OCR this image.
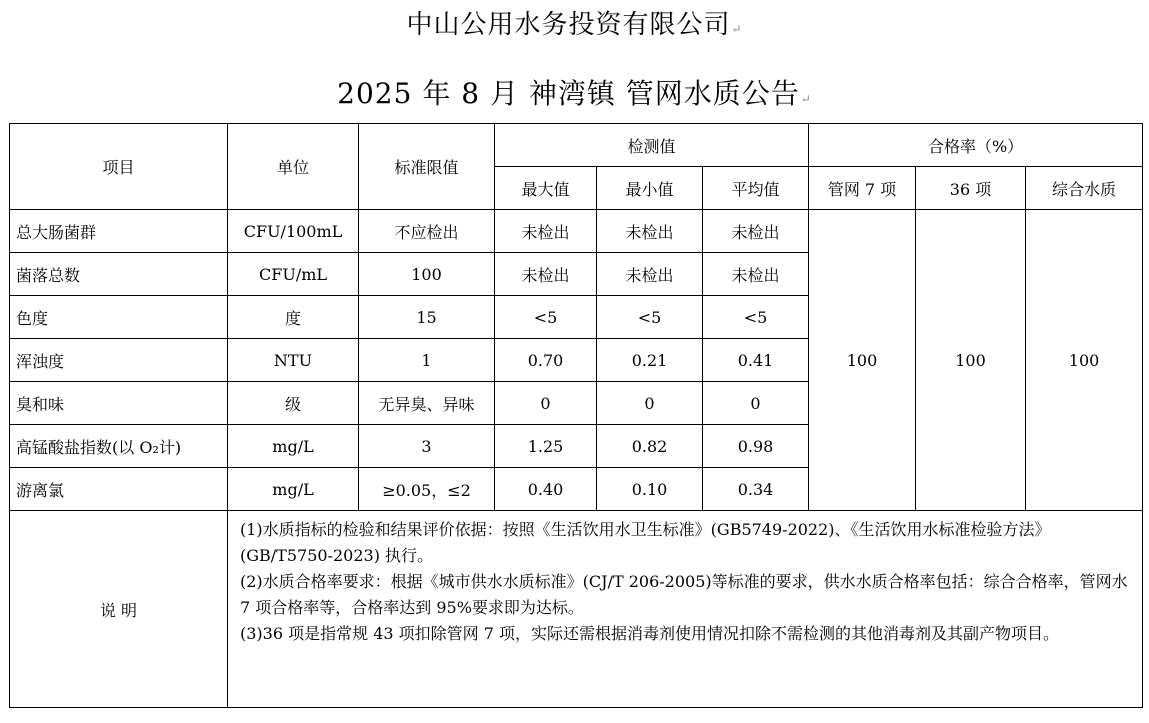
中山公用水务投资有限公司↵
2025 年 8 月 神湾镇 管网水质公告↵
项目	单位	标准限值	检测值			合格率（%）		
			最大值	最小值	平均值	管网 7 项	36 项	综合水质
总大肠菌群	CFU/100mL	不应检出	未检出	未检出	未检出	100	100	100
菌落总数	CFU/mL	100	未检出	未检出	未检出			
色度	度	15	<5	<5	<5			
浑浊度	NTU	1	0.70	0.21	0.41			
臭和味	级	无异臭、异味	0	0	0			
高锰酸盐指数(以 O₂计)	mg/L	3	1.25	0.82	0.98			
游离氯	mg/L	≥0.05，≤2	0.40	0.10	0.34			
说 明	(1)水质指标的检验和结果评价依据：按照《生活饮用水卫生标准》(GB5749-2022)、《生活饮用水标准检验方法》 (GB/T5750-2023) 执行。

(2)水质合格率要求：根据《城市供水水质标准》(CJ/T 206-2005)等标准的要求，供水水质合格率包括：综合合格率，管网水 7 项合格率等，合格率达到 95%要求即为达标。

(3)36 项是指常规 43 项扣除管网 7 项，实际还需根据消毒剂使用情况扣除不需检测的其他消毒剂及其副产物项目。							
